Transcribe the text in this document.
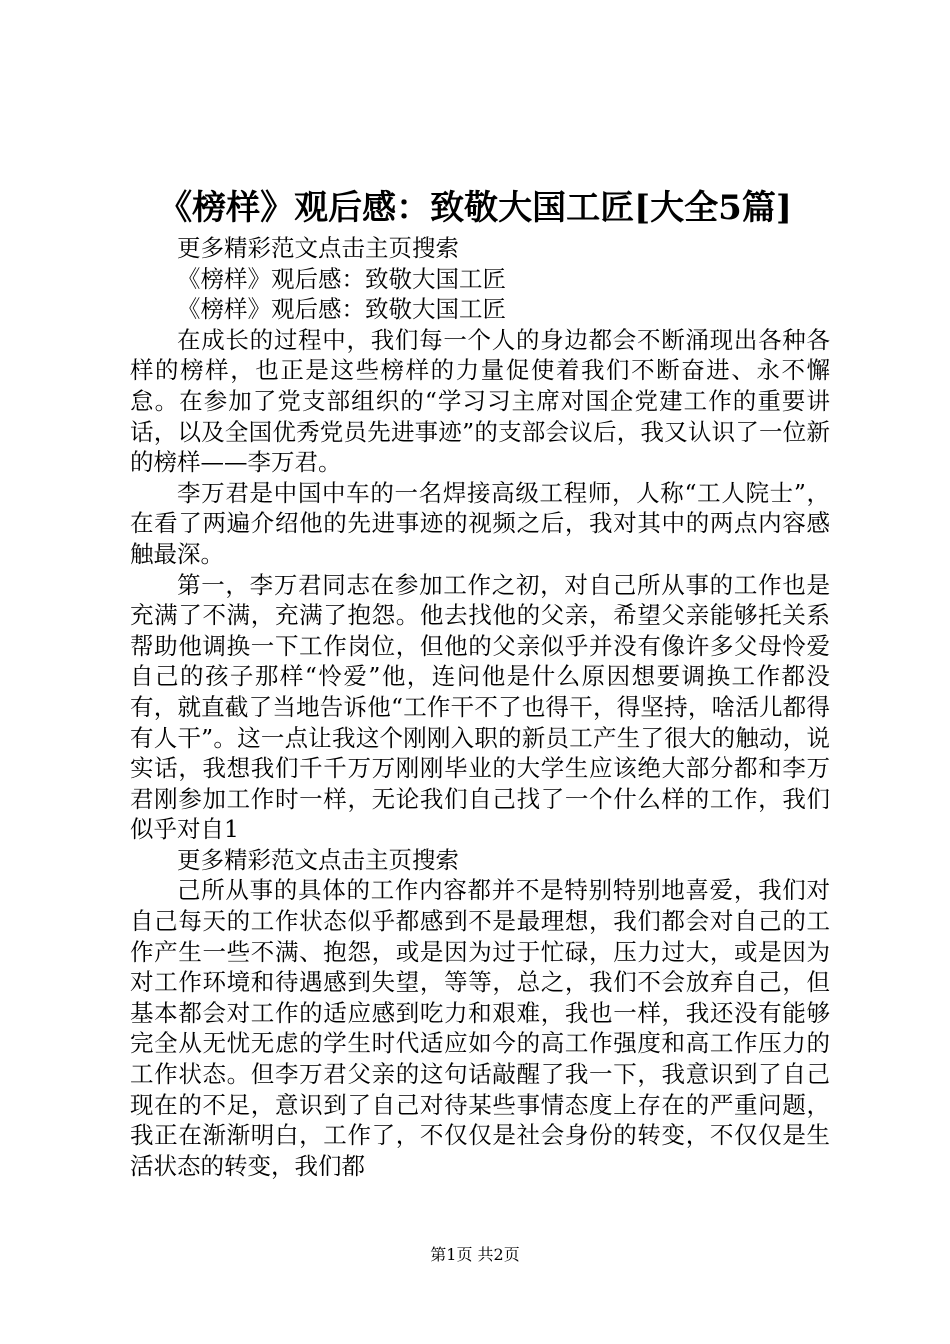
《榜样》观后感：致敬大国工匠[大全5篇]

更多精彩范文点击主页搜索

《榜样》观后感：致敬大国工匠

《榜样》观后感：致敬大国工匠

在成长的过程中，我们每一个人的身边都会不断涌现出各种各样的榜样，也正是这些榜样的力量促使着我们不断奋进、永不懈怠。在参加了党支部组织的“学习习主席对国企党建工作的重要讲话，以及全国优秀党员先进事迹”的支部会议后，我又认识了一位新的榜样——李万君。

李万君是中国中车的一名焊接高级工程师，人称“工人院士”，在看了两遍介绍他的先进事迹的视频之后，我对其中的两点内容感触最深。

第一，李万君同志在参加工作之初，对自己所从事的工作也是充满了不满，充满了抱怨。他去找他的父亲，希望父亲能够托关系帮助他调换一下工作岗位，但他的父亲似乎并没有像许多父母怜爱自己的孩子那样“怜爱”他，连问他是什么原因想要调换工作都没有，就直截了当地告诉他“工作干不了也得干，得坚持，啥活儿都得有人干”。这一点让我这个刚刚入职的新员工产生了很大的触动，说实话，我想我们千千万万刚刚毕业的大学生应该绝大部分都和李万君刚参加工作时一样，无论我们自己找了一个什么样的工作，我们似乎对自1

更多精彩范文点击主页搜索

己所从事的具体的工作内容都并不是特别特别地喜爱，我们对自己每天的工作状态似乎都感到不是最理想，我们都会对自己的工作产生一些不满、抱怨，或是因为过于忙碌，压力过大，或是因为对工作环境和待遇感到失望，等等，总之，我们不会放弃自己，但基本都会对工作的适应感到吃力和艰难，我也一样，我还没有能够完全从无忧无虑的学生时代适应如今的高工作强度和高工作压力的工作状态。但李万君父亲的这句话敲醒了我一下，我意识到了自己现在的不足，意识到了自己对待某些事情态度上存在的严重问题，我正在渐渐明白，工作了，不仅仅是社会身份的转变，不仅仅是生活状态的转变，我们都

第1页 共2页
